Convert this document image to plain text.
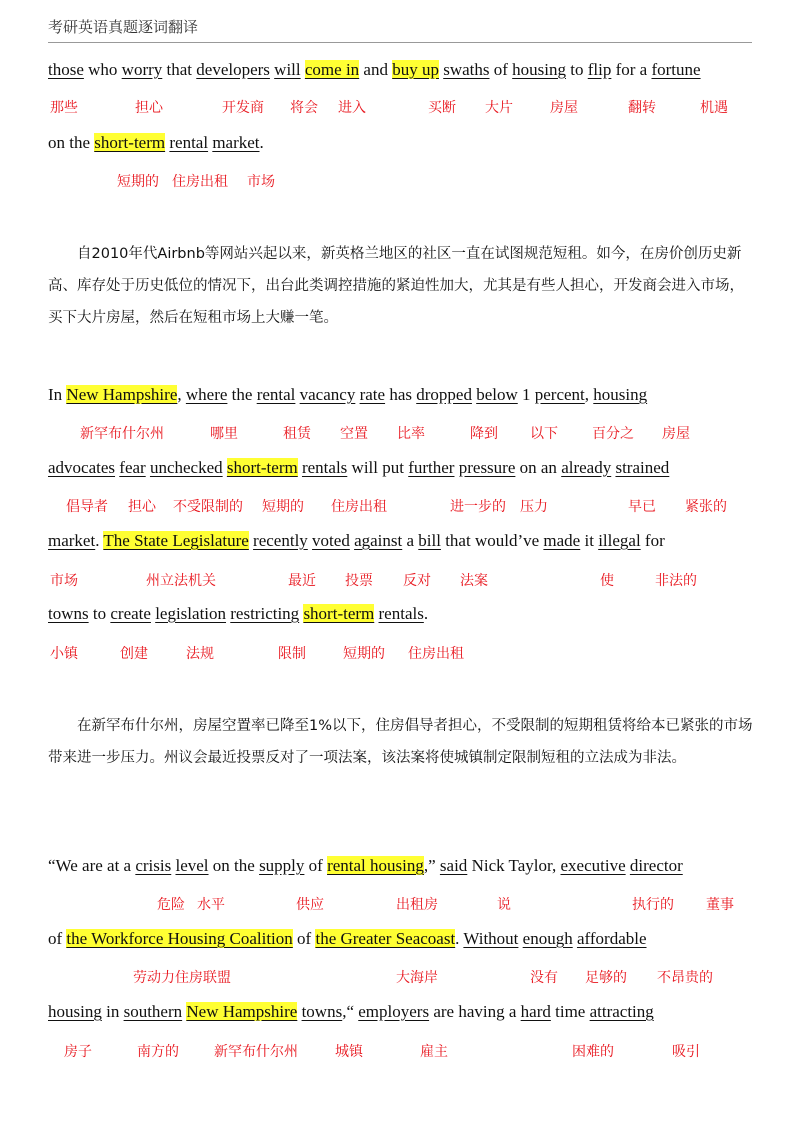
考研英语真题逐词翻译
those who worry that developers will come in and buy up swaths of housing to flip for a fortune
那些	担心	开发商 将会 进入	买断 大片	房屋	翻转	机遇
on the short-term rental market.
短期的 住房出租 市场
自2010年代Airbnb等网站兴起以来，新英格兰地区的社区一直在试图规范短租。如今，在房价创历史新高、库存处于历史低位的情况下，出台此类调控措施的紧迫性加大，尤其是有些人担心，开发商会进入市场，买下大片房屋，然后在短租市场上大赚一笔。
In New Hampshire, where the rental vacancy rate has dropped below 1 percent, housing
新罕布什尔州	哪里	租赁 空置 比率	降到 以下 百分之 房屋
advocates fear unchecked short-term rentals will put further pressure on an already strained
倡导者 担心 不受限制的 短期的 住房出租	进一步的 压力	早已 紧张的
market. The State Legislature recently voted against a bill that would’ve made it illegal for
市场	州立法机关	最近 投票 反对 法案	使	非法的
towns to create legislation restricting short-term rentals.
小镇	创建	法规	限制	短期的 住房出租
在新罕布什尔州，房屋空置率已降至1%以下，住房倡导者担心，不受限制的短期租赁将给本已紧张的市场带来进一步压力。州议会最近投票反对了一项法案，该法案将使城镇制定限制短租的立法成为非法。
“We are at a crisis level on the supply of rental housing,” said Nick Taylor, executive director
危险 水平	供应	出租房	说	执行的 董事
of the Workforce Housing Coalition of the Greater Seacoast. Without enough affordable
劳动力住房联盟	大海岸	没有 足够的 不昂贵的
housing in southern New Hampshire towns,“ employers are having a hard time attracting
房子	南方的	新罕布什尔州	城镇	雇主	困难的	吸引
